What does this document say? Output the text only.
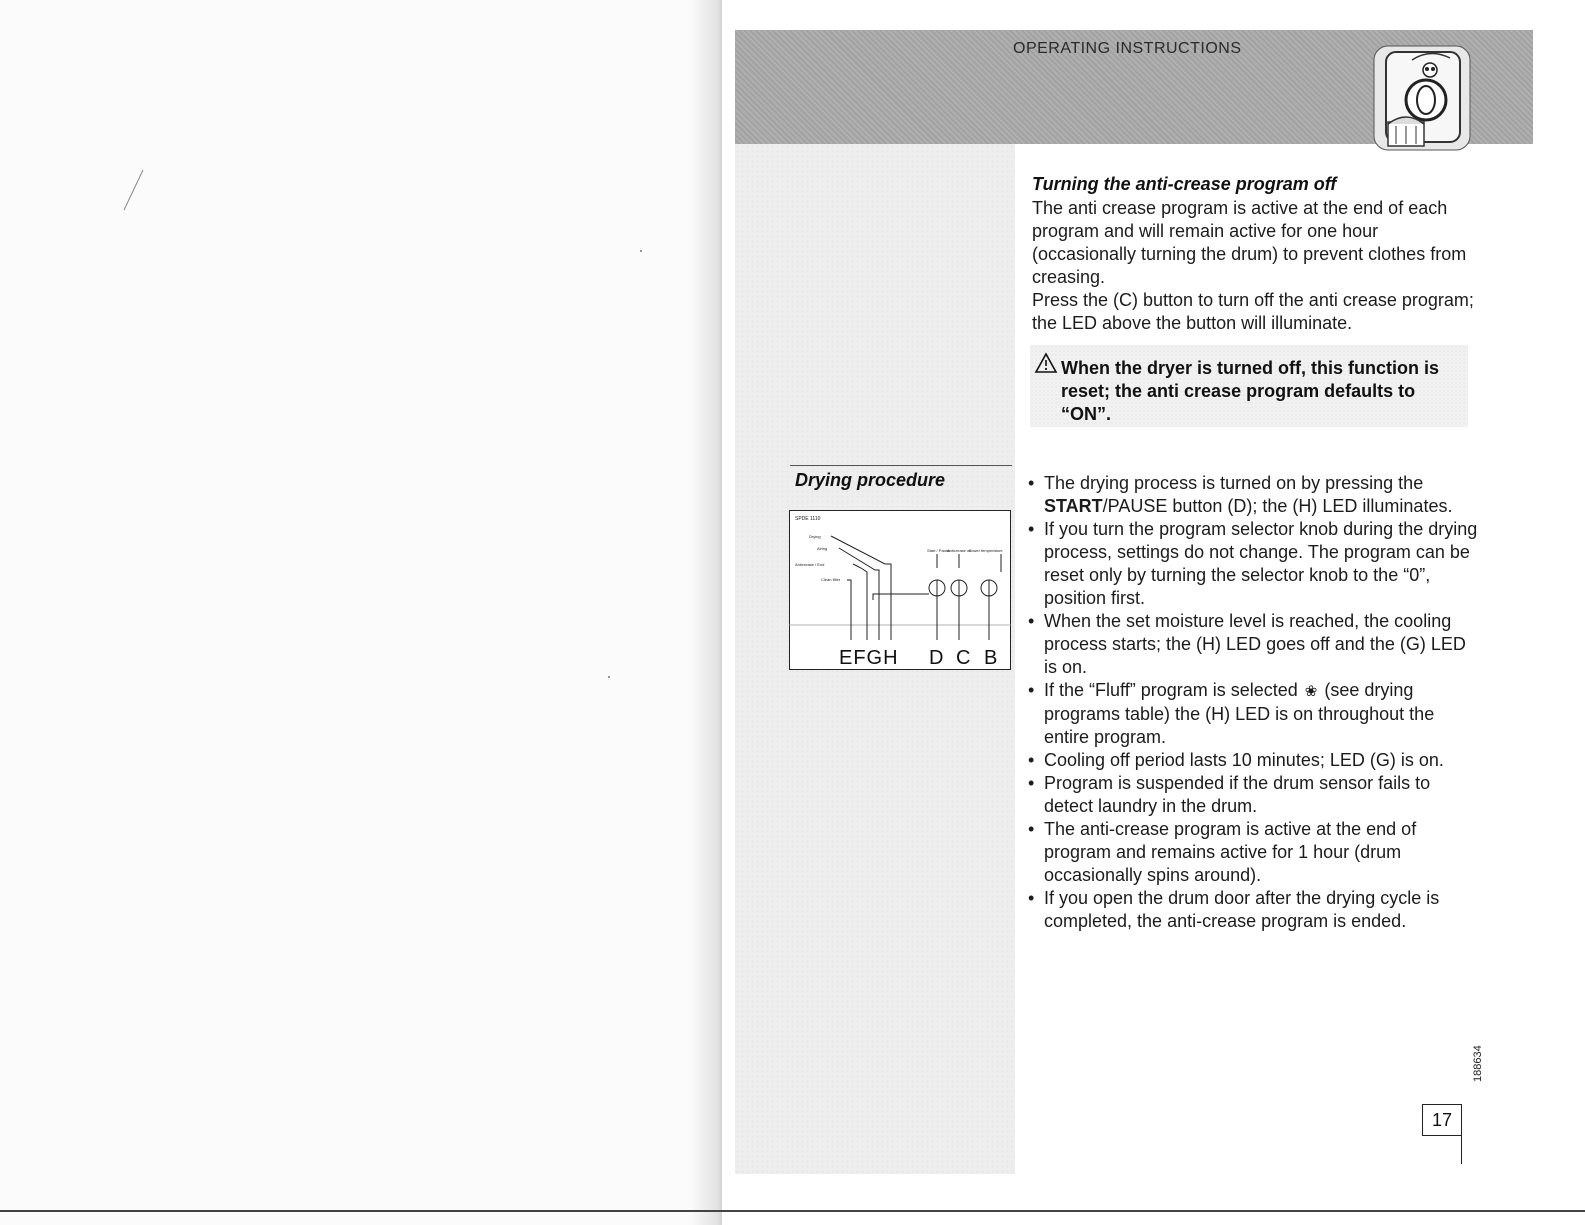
OPERATING INSTRUCTIONS
Drying procedure
SPDE 1110
Drying
Airing
Anticrease / End
Clean filter
Start / Pause
Anticrease off
Lower temperature
EFGH D C B
Turning the anti-crease program off

The anti crease program is active at the end of each program and will remain active for one hour (occasionally turning the drum) to prevent clothes from creasing.

Press the (C) button to turn off the anti crease program; the LED above the button will illuminate.

When the dryer is turned off, this function is reset; the anti crease program defaults to “ON”.
• The drying process is turned on by pressing the START/PAUSE button (D); the (H) LED illuminates.
• If you turn the program selector knob during the drying process, settings do not change. The program can be reset only by turning the selector knob to the “0”, position first.
• When the set moisture level is reached, the cooling process starts; the (H) LED goes off and the (G) LED is on.
• If the “Fluff” program is selected ❀ (see drying programs table) the (H) LED is on throughout the entire program.
• Cooling off period lasts 10 minutes; LED (G) is on.
• Program is suspended if the drum sensor fails to detect laundry in the drum.
• The anti-crease program is active at the end of program and remains active for 1 hour (drum occasionally spins around).
• If you open the drum door after the drying cycle is completed, the anti-crease program is ended.
188634
17
